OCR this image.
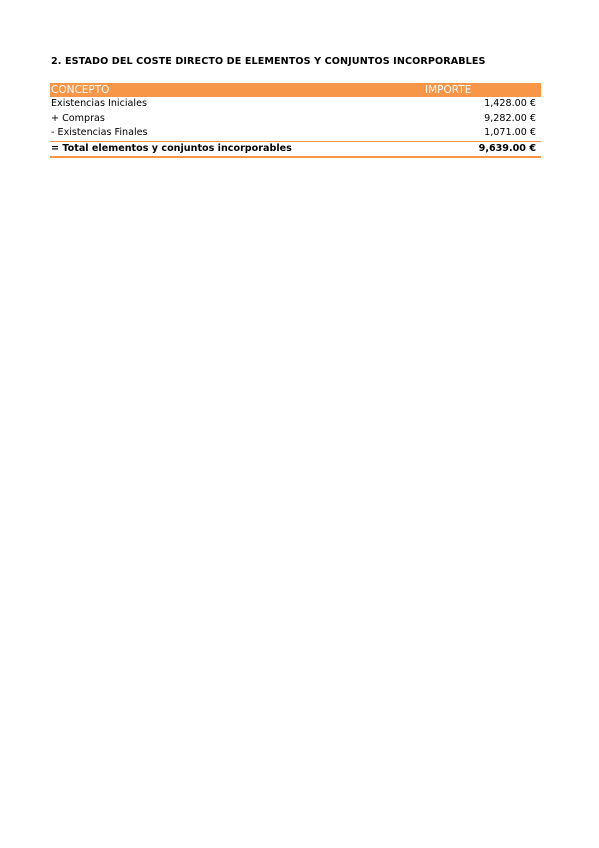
2. ESTADO DEL COSTE DIRECTO DE ELEMENTOS Y CONJUNTOS INCORPORABLES
CONCEPTO	IMPORTE
Existencias Iniciales	1,428.00 €
+ Compras	9,282.00 €
- Existencias Finales	1,071.00 €
= Total elementos y conjuntos incorporables	9,639.00 €
